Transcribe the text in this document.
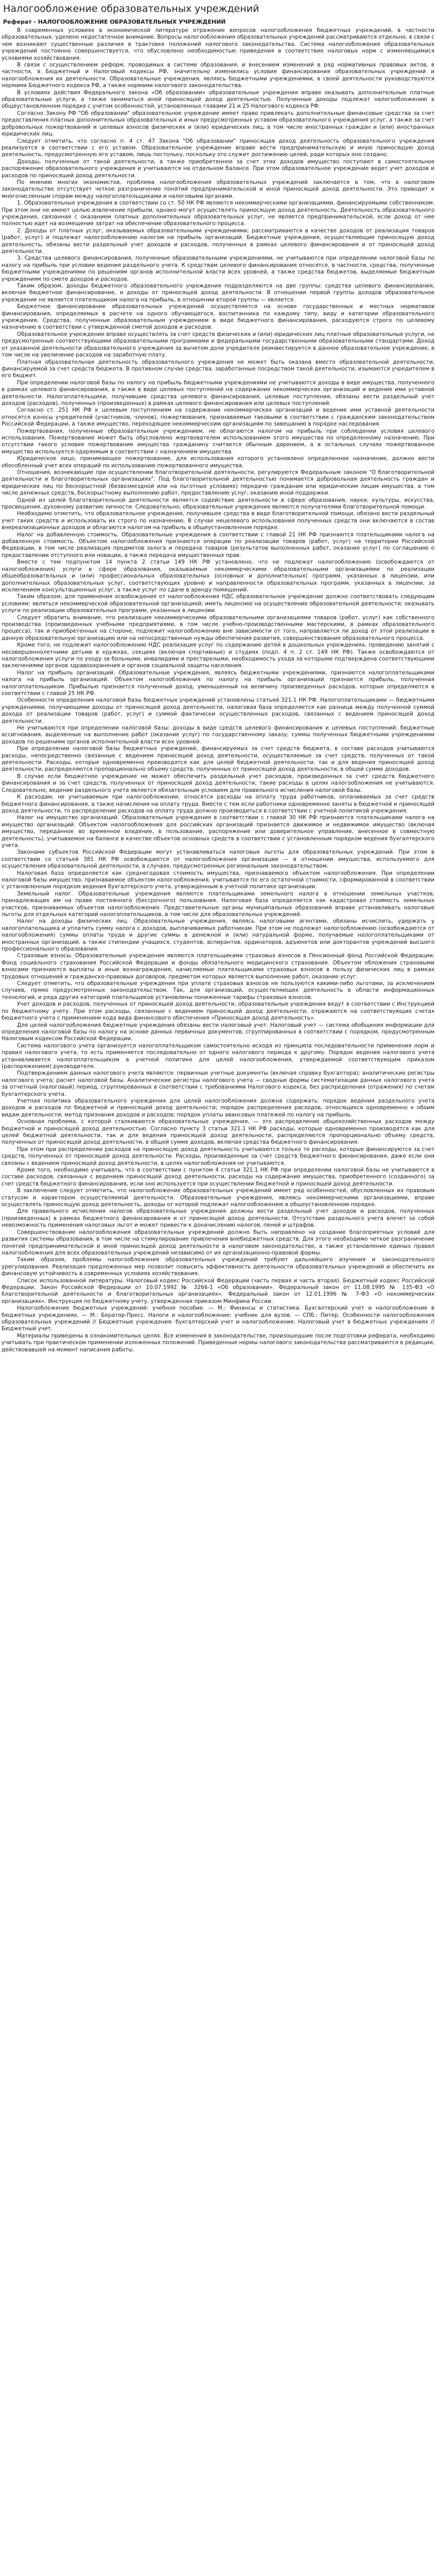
Налогообложение образовательных учреждений
Реферат - НАЛОГООБЛОЖЕНИЕ ОБРАЗОВАТЕЛЬНЫХ УЧРЕЖДЕНИЙ

В современных условиях в экономической литературе отражение вопросов налогообложения бюджетных учреждений, в частности образовательных, уделено недостаточное внимание. Вопросы налогообложения образовательных учреждений рассматриваются отдельно, в связи с чем возникают существенные различия в трактовке положений налогового законодательства. Система налогообложения образовательных учреждений постоянно совершенствуется, что обусловлено необходимостью приведения в соответствие налоговых норм с изменяющимися условиями хозяйствования.

В связи с осуществлением реформ, проводимых в системе образования, и внесением изменений в ряд нормативных правовых актов, в частности, в Бюджетный и Налоговый кодексы РФ, значительно изменились условия финансирования образовательных учреждений и налогообложения их деятельности. Образовательные учреждения, являясь бюджетными учреждениями, в своей деятельности руководствуются нормами Бюджетного кодекса РФ, а также нормами налогового законодательства.

В условиях действия Федерального закона «Об образовании» образовательные учреждения вправе оказывать дополнительные платные образовательные услуги, а также заниматься иной приносящей доход деятельностью. Полученные доходы подлежат налогообложению в общеустановленном порядке с учетом особенностей, установленных главами 21 и 25 Налогового кодекса РФ.

Согласно Закону РФ "Об образовании" образовательное учреждение имеет право привлекать дополнительные финансовые средства за счет предоставления платных дополнительных образовательных и иных предусмотренных уставом образовательного учреждения услуг, а также за счет добровольных пожертвований и целевых взносов физических и (или) юридических лиц, в том числе иностранных граждан и (или) иностранных юридических лиц.

Следует отметить, что согласно п. 4 ст. 47 Закона "Об образовании" приносящая доход деятельность образовательного учреждения реализуется в соответствии с его уставом. Образовательное учреждение вправе вести предпринимательскую и иную приносящую доход деятельность, предусмотренную его уставом, лишь постольку, поскольку это служит достижению целей, ради которых оно создано.

Доходы, полученные от такой деятельности, а также приобретенное за счет этих доходов имущество поступают в самостоятельное распоряжение образовательного учреждения и учитываются на отдельном балансе. При этом образовательное учреждение ведет учет доходов и расходов по приносящей доход деятельности.

По мнению многих экономистов, проблема налогообложения образовательных учреждений заключается в том, что в налоговом законодательстве отсутствует четкое разграничение понятий предпринимательской и иной приносящей доход деятельности. Это приводит к многочисленным спорам между налогоплательщиками и налоговыми органами.

1. Образовательные учреждения в соответствии со ст. 50 НК РФ являются некоммерческими организациями, финансируемыми собственником. При этом они не имеют целью извлечение прибыли, однако могут осуществлять приносящую доход деятельность. Деятельность образовательного учреждения, связанная с оказанием платных дополнительных образовательных услуг, не является предпринимательской, если доход от нее полностью идет на возмещение затрат на обеспечение образовательного процесса.

2. Доходы от платных услуг, оказываемых образовательными учреждениями, рассматриваются в качестве доходов от реализации товаров (работ, услуг) и подлежат налогообложению налогом на прибыль организаций. Бюджетные учреждения, осуществляющие приносящую доход деятельность, обязаны вести раздельный учет доходов и расходов, полученных в рамках целевого финансирования и от приносящей доход деятельности.

3. Средства целевого финансирования, полученные образовательными учреждениями, не учитываются при определении налоговой базы по налогу на прибыль при условии ведения раздельного учета. К средствам целевого финансирования относятся, в частности, средства, полученные бюджетными учреждениями по решениям органов исполнительной власти всех уровней, а также средства бюджетов, выделяемые бюджетным учреждениям по смете доходов и расходов.

Таким образом, доходы бюджетного образовательного учреждения подразделяются на две группы: средства целевого финансирования, включая бюджетное финансирование, и доходы от приносящей доход деятельности. В отношении первой группы доходов образовательное учреждение не является плательщиком налога на прибыль, в отношении второй группы — является.

Бюджетное финансирование образовательных учреждений осуществляется на основе государственных и местных нормативов финансирования, определяемых в расчете на одного обучающегося, воспитанника по каждому типу, виду и категории образовательного учреждения. Средства, полученные образовательным учреждением в виде бюджетного финансирования, расходуются строго по целевому назначению в соответствии с утвержденной сметой доходов и расходов.

Образовательное учреждение вправе осуществлять за счет средств физических и (или) юридических лиц платные образовательные услуги, не предусмотренные соответствующими образовательными программами и федеральными государственными образовательными стандартами. Доход от указанной деятельности образовательного учреждения за вычетом доли учредителя реинвестируется в данное образовательное учреждение, в том числе на увеличение расходов на заработную плату.

Платная образовательная деятельность образовательного учреждения не может быть оказана вместо образовательной деятельности, финансируемой за счет средств бюджета. В противном случае средства, заработанные посредством такой деятельности, изымаются учредителем в его бюджет.

При определении налоговой базы по налогу на прибыль бюджетными учреждениями не учитываются доходы в виде имущества, полученного в рамках целевого финансирования, а также в виде целевых поступлений на содержание некоммерческих организаций и ведение ими уставной деятельности. Налогоплательщики, получившие средства целевого финансирования, целевые поступления, обязаны вести раздельный учет доходов (расходов), полученных (произведенных) в рамках целевого финансирования или целевых поступлений.

Согласно ст. 251 НК РФ к целевым поступлениям на содержание некоммерческих организаций и ведение ими уставной деятельности относятся взносы учредителей (участников, членов), пожертвования, признаваемые таковыми в соответствии с гражданским законодательством Российской Федерации, а также имущество, переходящее некоммерческим организациям по завещанию в порядке наследования.

Пожертвования, полученные образовательным учреждением, не облагаются налогом на прибыль при соблюдении условия целевого использования. Пожертвование может быть обусловлено жертвователем использованием этого имущества по определенному назначению. При отсутствии такого условия пожертвование имущества гражданину считается обычным дарением, а в остальных случаях пожертвованное имущество используется одаряемым в соответствии с назначением имущества.

Юридическое лицо, принимающее пожертвование, для использования которого установлено определенное назначение, должно вести обособленный учет всех операций по использованию пожертвованного имущества.

Отношения, возникающие при осуществлении благотворительной деятельности, регулируются Федеральным законом "О благотворительной деятельности и благотворительных организациях". Под благотворительной деятельностью понимается добровольная деятельность граждан и юридических лиц по бескорыстной (безвозмездной или на льготных условиях) передаче гражданам или юридическим лицам имущества, в том числе денежных средств, бескорыстному выполнению работ, предоставлению услуг, оказанию иной поддержки.

Одной из целей благотворительной деятельности является содействие деятельности в сфере образования, науки, культуры, искусства, просвещения, духовному развитию личности. Следовательно, образовательные учреждения являются получателями благотворительной помощи.

Необходимо отметить, что образовательное учреждение, получившее средства в виде благотворительной помощи, обязано вести раздельный учет таких средств и использовать их строго по назначению. В случае нецелевого использования полученных средств они включаются в состав внереализационных доходов и облагаются налогом на прибыль в общеустановленном порядке.

Налог на добавленную стоимость. Образовательные учреждения в соответствии с главой 21 НК РФ признаются плательщиками налога на добавленную стоимость. Объектом налогообложения признаются операции по реализации товаров (работ, услуг) на территории Российской Федерации, в том числе реализация предметов залога и передача товаров (результатов выполненных работ, оказание услуг) по соглашению о предоставлении отступного или новации, а также передача имущественных прав.

Вместе с тем подпунктом 14 пункта 2 статьи 149 НК РФ установлено, что не подлежат налогообложению (освобождаются от налогообложения) услуги в сфере образования, оказываемые некоммерческими образовательными организациями по реализации общеобразовательных и (или) профессиональных образовательных (основных и дополнительных) программ, указанных в лицензии, или дополнительных образовательных услуг, соответствующих уровню и направленности образовательных программ, указанных в лицензии, за исключением консультационных услуг, а также услуг по сдаче в аренду помещений.

Таким образом, для применения освобождения от налогообложения НДС образовательное учреждение должно соответствовать следующим условиям: являться некоммерческой образовательной организацией; иметь лицензию на осуществление образовательной деятельности; оказывать услуги по реализации образовательных программ, указанных в лицензии.

Следует обратить внимание, что реализация некоммерческими образовательными организациями товаров (работ, услуг) как собственного производства (произведенных учебными предприятиями, в том числе учебно-производственными мастерскими, в рамках образовательного процесса), так и приобретенных на стороне, подлежит налогообложению вне зависимости от того, направляется ли доход от этой реализации в данную образовательную организацию или на непосредственные нужды обеспечения развития, совершенствования образовательного процесса.

Кроме того, не подлежит налогообложению НДС реализация услуг по содержанию детей в дошкольных учреждениях, проведению занятий с несовершеннолетними детьми в кружках, секциях (включая спортивные) и студиях (подп. 4 п. 2 ст. 149 НК РФ). Также освобождаются от налогообложения услуги по уходу за больными, инвалидами и престарелыми, необходимость ухода за которыми подтверждена соответствующими заключениями органов здравоохранения и органов социальной защиты населения.

Налог на прибыль организаций. Образовательные учреждения, являясь бюджетными учреждениями, признаются налогоплательщиками налога на прибыль организаций. Объектом налогообложения по налогу на прибыль организаций признается прибыль, полученная налогоплательщиком. Прибылью признается полученный доход, уменьшенный на величину произведенных расходов, которые определяются в соответствии с главой 25 НК РФ.

Особенности определения налоговой базы бюджетных учреждений установлены статьей 321.1 НК РФ. Налогоплательщиками — бюджетными учреждениями, получающими доходы от приносящей доход деятельности, налоговая база определяется как разница между полученной суммой дохода от реализации товаров (работ, услуг) и суммой фактически осуществленных расходов, связанных с ведением приносящей доход деятельности.

Не учитываются при определении налоговой базы: доходы в виде средств целевого финансирования и целевых поступлений; бюджетные ассигнования, выделенные на выполнение работ (оказание услуг) по государственному заказу; суммы полученных бюджетными учреждениями доходов по решениям органов исполнительной власти всех уровней.

При определении налоговой базы бюджетных учреждений, финансируемых за счет средств бюджета, в составе расходов учитываются расходы, непосредственно связанные с ведением приносящей доход деятельности, осуществляемые за счет средств, полученных от такой деятельности. Расходы, которые одновременно производятся как для целей бюджетной деятельности, так и для ведения приносящей доход деятельности, распределяются пропорционально объему средств, полученных от приносящей доход деятельности, в общей сумме доходов.

В случае если бюджетное учреждение не может обеспечить раздельный учет расходов, произведенных за счет средств бюджетного финансирования и за счет средств, полученных от приносящей доход деятельности, такие расходы в целях налогообложения не учитываются. Следовательно, ведение раздельного учета является обязательным условием для правильного исчисления налоговой базы.

К расходам, не учитываемым при налогообложении, относятся расходы на оплату труда работников, оплачиваемых за счет средств бюджетного финансирования, а также начисления на оплату труда. Вместе с тем если работники одновременно заняты в бюджетной и приносящей доход деятельности, то распределение расходов на оплату труда должно производиться в соответствии с учетной политикой учреждения.

Налог на имущество организаций. Образовательные учреждения в соответствии с главой 30 НК РФ признаются плательщиками налога на имущество организаций. Объектом налогообложения для российских организаций признается движимое и недвижимое имущество (включая имущество, переданное во временное владение, в пользование, распоряжение или доверительное управление, внесенное в совместную деятельность), учитываемое на балансе в качестве объектов основных средств в соответствии с установленным порядком ведения бухгалтерского учета.

Законами субъектов Российской Федерации могут устанавливаться налоговые льготы для образовательных учреждений. При этом в соответствии со статьей 381 НК РФ освобождаются от налогообложения организации — в отношении имущества, используемого для осуществления образовательной деятельности, в случаях, предусмотренных региональным законодательством.

Налоговая база определяется как среднегодовая стоимость имущества, признаваемого объектом налогообложения. При определении налоговой базы имущество, признаваемое объектом налогообложения, учитывается по его остаточной стоимости, сформированной в соответствии с установленным порядком ведения бухгалтерского учета, утвержденным в учетной политике организации.

Земельный налог. Образовательные учреждения являются плательщиками земельного налога в отношении земельных участков, принадлежащих им на праве постоянного (бессрочного) пользования. Налоговая база определяется как кадастровая стоимость земельных участков, признаваемых объектом налогообложения. Представительные органы муниципальных образований вправе устанавливать налоговые льготы для отдельных категорий налогоплательщиков, в том числе для образовательных учреждений.

Налог на доходы физических лиц. Образовательные учреждения, являясь налоговыми агентами, обязаны исчислить, удержать у налогоплательщика и уплатить сумму налога с доходов, выплачиваемых работникам. При этом не подлежат налогообложению (освобождаются от налогообложения) суммы оплаты труда и другие суммы в денежной и (или) натуральной форме, получаемые налогоплательщиками от иностранных организаций, а также стипендии учащихся, студентов, аспирантов, ординаторов, адъюнктов или докторантов учреждений высшего профессионального образования.

Страховые взносы. Образовательные учреждения являются плательщиками страховых взносов в Пенсионный фонд Российской Федерации, Фонд социального страхования Российской Федерации и фонды обязательного медицинского страхования. Объектом обложения страховыми взносами признаются выплаты и иные вознаграждения, начисляемые плательщиками страховых взносов в пользу физических лиц в рамках трудовых отношений и гражданско-правовых договоров, предметом которых является выполнение работ, оказание услуг.

Следует отметить, что образовательные учреждения при уплате страховых взносов не пользуются какими-либо льготами, за исключением случаев, прямо предусмотренных законодательством. Так, для организаций, осуществляющих деятельность в области информационных технологий, и ряда других категорий плательщиков установлены пониженные тарифы страховых взносов.

Учет доходов и расходов, полученных от приносящей доход деятельности, образовательные учреждения ведут в соответствии с Инструкцией по бюджетному учету. При этом расходы, связанные с ведением приносящей доход деятельности, отражаются на соответствующих счетах бюджетного учета с применением кода вида финансового обеспечения «Приносящая доход деятельность».

Для целей налогообложения бюджетные учреждения обязаны вести налоговый учет. Налоговый учет — система обобщения информации для определения налоговой базы по налогу на основе данных первичных документов, сгруппированных в соответствии с порядком, предусмотренным Налоговым кодексом Российской Федерации.

Система налогового учета организуется налогоплательщиком самостоятельно исходя из принципа последовательности применения норм и правил налогового учета, то есть применяется последовательно от одного налогового периода к другому. Порядок ведения налогового учета устанавливается налогоплательщиком в учетной политике для целей налогообложения, утверждаемой соответствующим приказом (распоряжением) руководителя.

Подтверждением данных налогового учета являются: первичные учетные документы (включая справку бухгалтера); аналитические регистры налогового учета; расчет налоговой базы. Аналитические регистры налогового учета — сводные формы систематизации данных налогового учета за отчетный (налоговый) период, сгруппированных в соответствии с требованиями Налогового кодекса, без распределения (отражения) по счетам бухгалтерского учета.

Учетная политика образовательного учреждения для целей налогообложения должна содержать: порядок ведения раздельного учета доходов и расходов по бюджетной и приносящей доход деятельности; порядок распределения расходов, относящихся одновременно к обоим видам деятельности; метод признания доходов и расходов; порядок уплаты авансовых платежей по налогу на прибыль.

Основная проблема, с которой сталкиваются образовательные учреждения, — это распределение общехозяйственных расходов между бюджетной и приносящей доход деятельностью. Согласно пункту 3 статьи 321.1 НК РФ расходы, которые одновременно производятся как для целей бюджетной деятельности, так и для ведения приносящей доход деятельности, распределяются пропорционально объему средств, полученных от приносящей доход деятельности, в общей сумме доходов, включая средства бюджетного финансирования.

При этом при распределении расходов на приносящую доход деятельность учитываются только те расходы, которые финансируются за счет средств, полученных от приносящей доход деятельности. Расходы, произведенные за счет средств бюджетного финансирования, даже если они связаны с ведением приносящей доход деятельности, в целях налогообложения не учитываются.

Кроме того, необходимо учитывать, что в соответствии с пунктом 4 статьи 321.1 НК РФ при определении налоговой базы не учитываются в составе расходов, связанных с ведением приносящей доход деятельности, расходы на содержание имущества, приобретенного (созданного) за счет средств бюджетного финансирования, если оно используется при осуществлении бюджетной и приносящей доход деятельности.

В заключение следует отметить, что налогообложение образовательных учреждений имеет ряд особенностей, обусловленных их правовым статусом и характером осуществляемой деятельности. Образовательные учреждения, являясь некоммерческими организациями, вправе осуществлять приносящую доход деятельность, доходы от которой подлежат налогообложению в общеустановленном порядке.

Для правильного исчисления налогов образовательные учреждения должны вести раздельный учет доходов и расходов, полученных (произведенных) в рамках бюджетного финансирования и от приносящей доход деятельности. Отсутствие раздельного учета влечет за собой невозможность применения налоговых льгот и может привести к доначислению налогов, пеней и штрафов.

Совершенствование налогообложения образовательных учреждений должно быть направлено на создание благоприятных условий для развития системы образования, в том числе на стимулирование привлечения внебюджетных средств. Для этого необходимо четкое разграничение понятий предпринимательской и иной приносящей доход деятельности в налоговом законодательстве, а также установление единых правил налогообложения для всех образовательных учреждений независимо от их организационно-правовой формы.

Таким образом, проблемы налогообложения образовательных учреждений требуют дальнейшего изучения и законодательного урегулирования. Реализация предложенных мер позволит повысить эффективность деятельности образовательных учреждений и обеспечить их финансовую устойчивость в современных условиях хозяйствования.

Список использованной литературы. Налоговый кодекс Российской Федерации (часть первая и часть вторая). Бюджетный кодекс Российской Федерации. Закон Российской Федерации от 10.07.1992 № 3266-1 «Об образовании». Федеральный закон от 11.08.1995 № 135-ФЗ «О благотворительной деятельности и благотворительных организациях». Федеральный закон от 12.01.1996 № 7-ФЗ «О некоммерческих организациях». Инструкция по бюджетному учету, утвержденная приказом Минфина России.

Налогообложение бюджетных учреждений: учебное пособие. — М.: Финансы и статистика. Бухгалтерский учет и налогообложение в бюджетных учреждениях. — М.: Бератор-Пресс. Налоги и налогообложение: учебник для вузов. — СПб.: Питер. Особенности налогообложения образовательных учреждений // Бюджетные учреждения: бухгалтерский учет и налогообложение. Налоговый учет в бюджетных учреждениях // Бюджетный учет.

Материалы приведены в ознакомительных целях. Все изменения в законодательстве, произошедшие после подготовки реферата, необходимо учитывать при практическом применении изложенных положений. Приведенные нормы налогового законодательства рассматриваются в редакции, действовавшей на момент написания работы.
